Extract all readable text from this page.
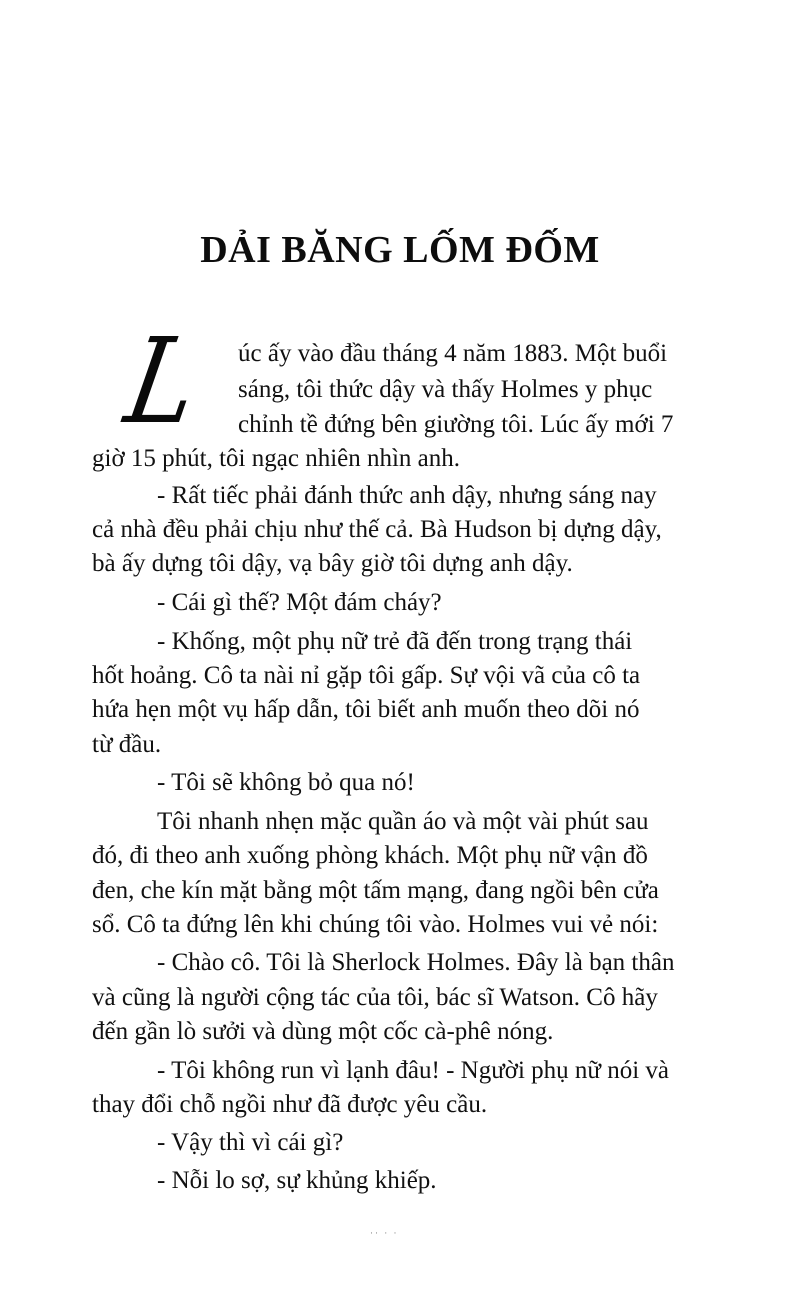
DẢI BĂNG LỐM ĐỐM
L úc ấy vào đầu tháng 4 năm 1883. Một buổi
sáng, tôi thức dậy và thấy Holmes y phục
chỉnh tề đứng bên giường tôi. Lúc ấy mới 7
giờ 15 phút, tôi ngạc nhiên nhìn anh.
- Rất tiếc phải đánh thức anh dậy, nhưng sáng nay
cả nhà đều phải chịu như thế cả. Bà Hudson bị dựng dậy,
bà ấy dựng tôi dậy, vạ bây giờ tôi dựng anh dậy.
- Cái gì thế? Một đám cháy?
- Khống, một phụ nữ trẻ đã đến trong trạng thái
hốt hoảng. Cô ta nài nỉ gặp tôi gấp. Sự vội vã của cô ta
hứa hẹn một vụ hấp dẫn, tôi biết anh muốn theo dõi nó
từ đầu.
- Tôi sẽ không bỏ qua nó!
Tôi nhanh nhẹn mặc quần áo và một vài phút sau
đó, đi theo anh xuống phòng khách. Một phụ nữ vận đồ
đen, che kín mặt bằng một tấm mạng, đang ngồi bên cửa
sổ. Cô ta đứng lên khi chúng tôi vào. Holmes vui vẻ nói:
- Chào cô. Tôi là Sherlock Holmes. Đây là bạn thân
và cũng là người cộng tác của tôi, bác sĩ Watson. Cô hãy
đến gần lò sưởi và dùng một cốc cà-phê nóng.
- Tôi không run vì lạnh đâu! - Người phụ nữ nói và
thay đổi chỗ ngồi như đã được yêu cầu.
- Vậy thì vì cái gì?
- Nỗi lo sợ, sự khủng khiếp.
·· · ·
